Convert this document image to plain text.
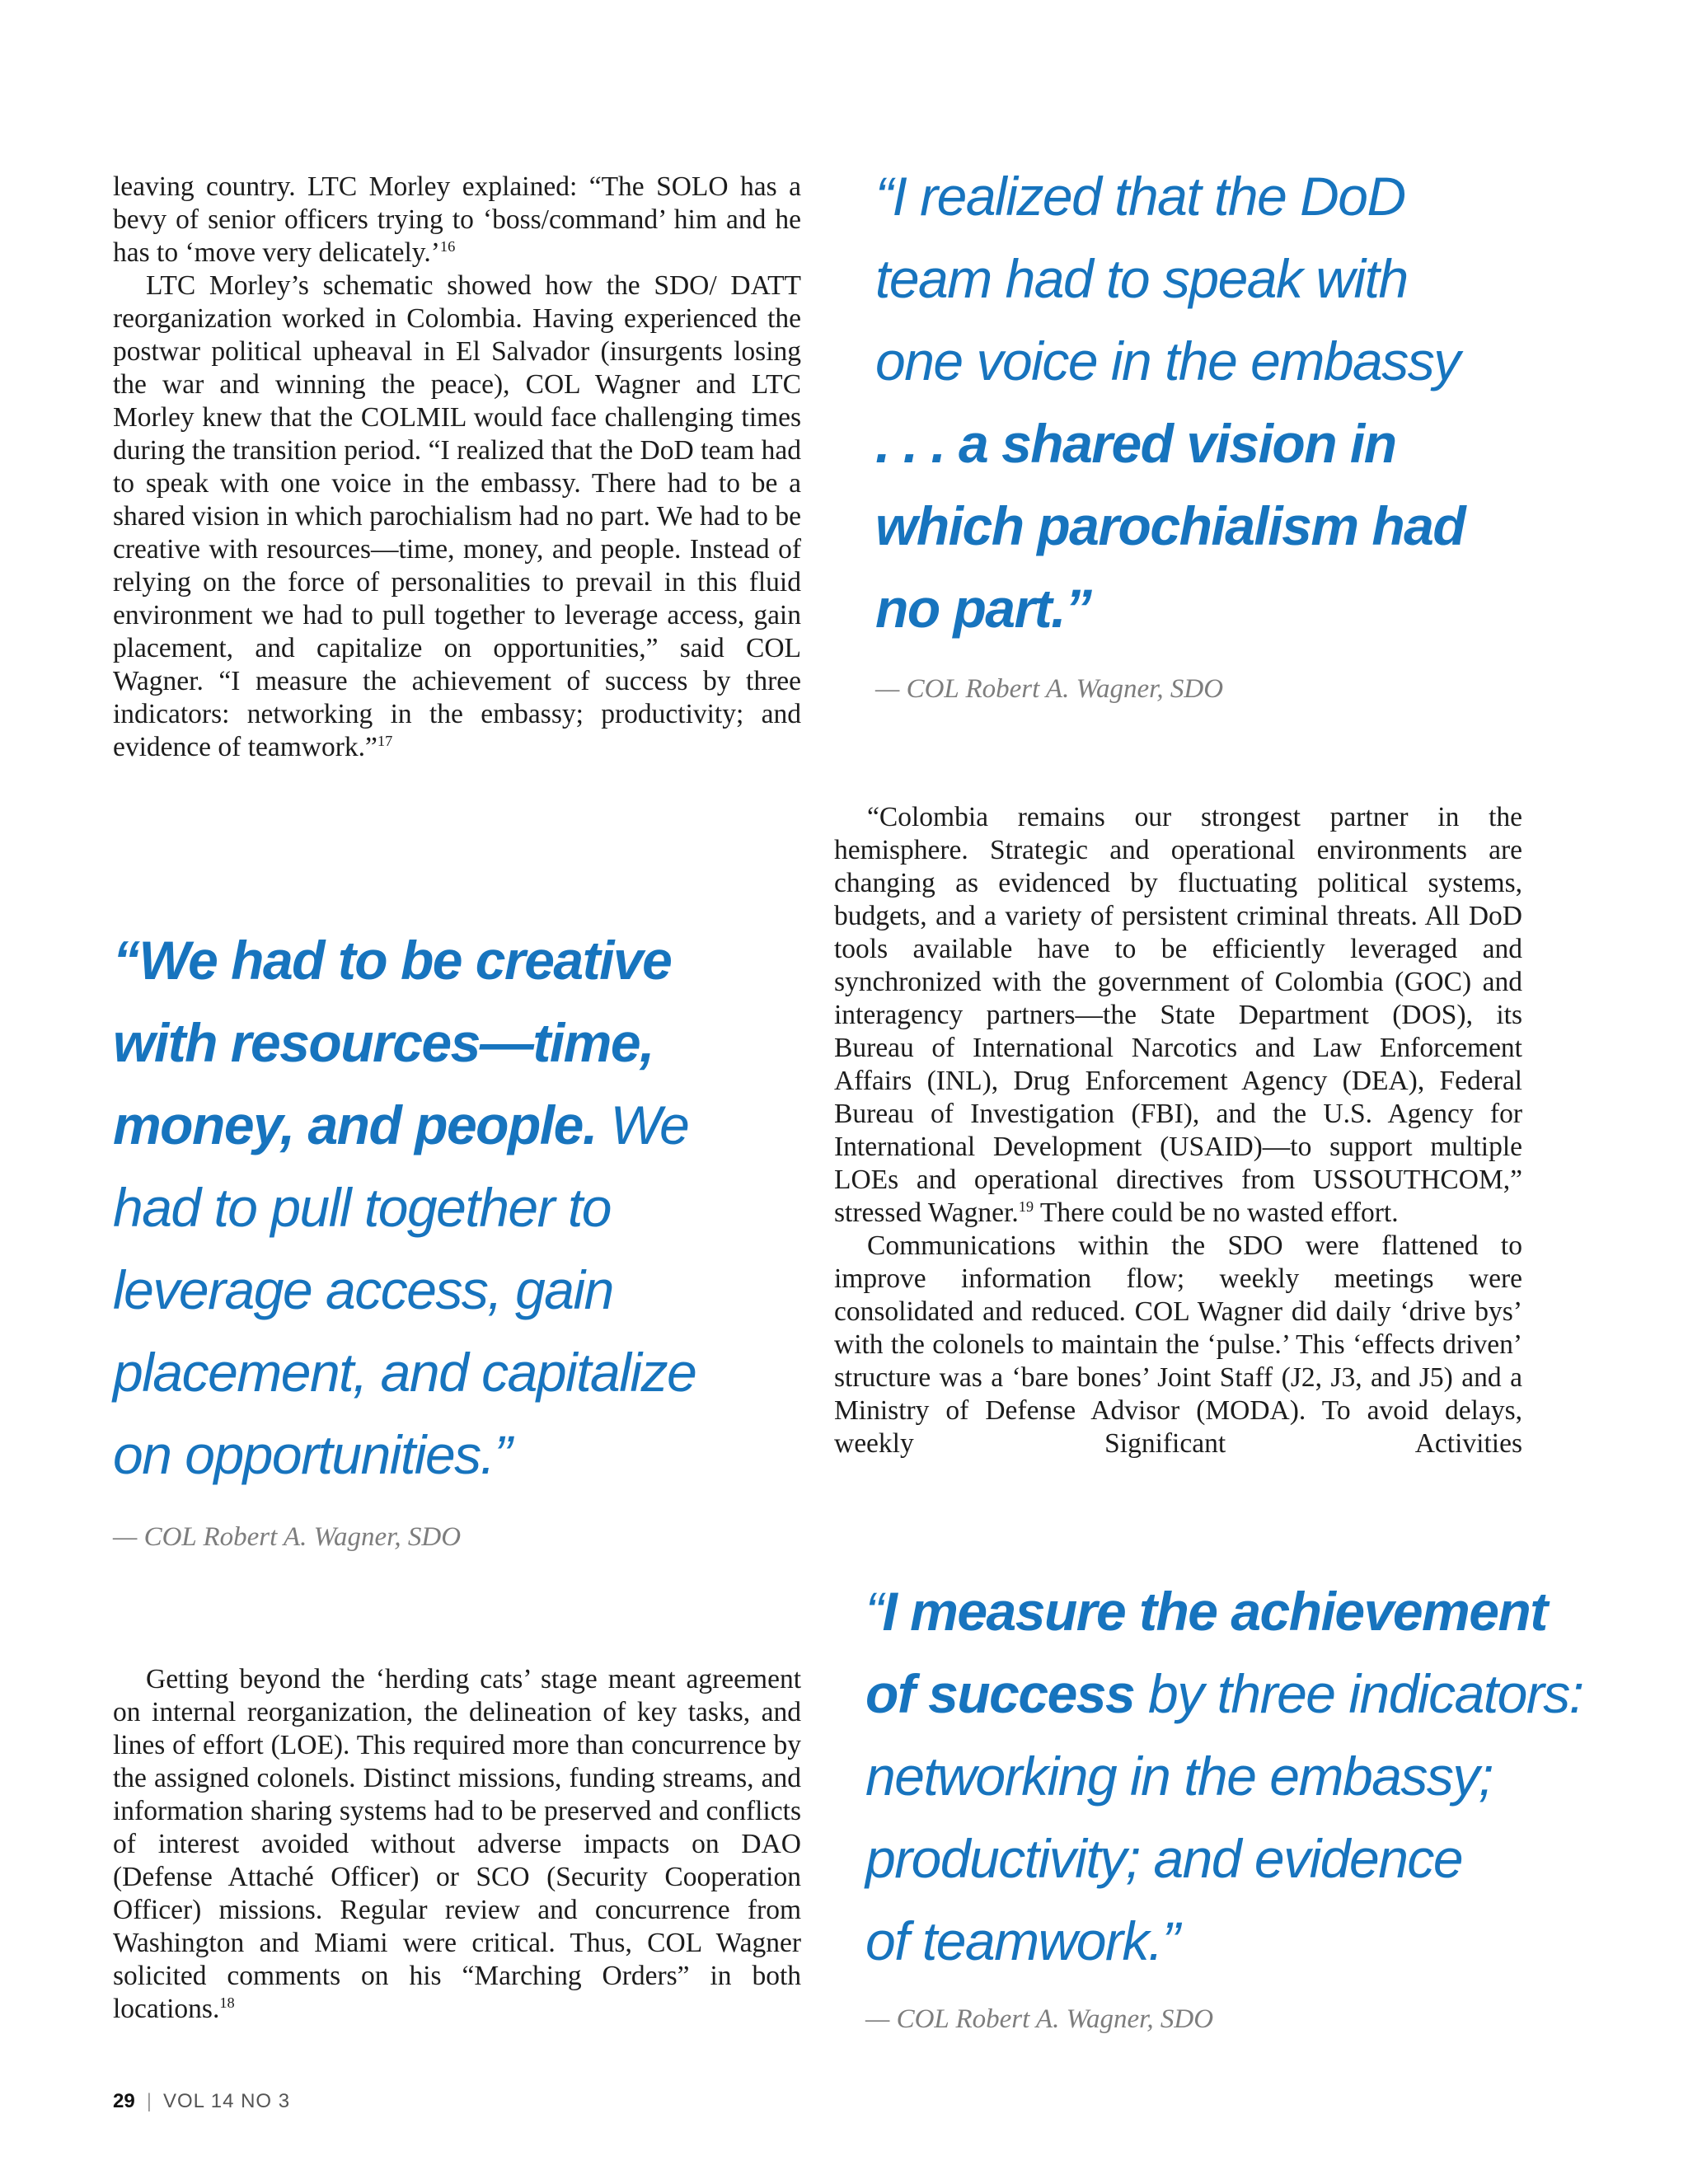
leaving country. LTC Morley explained: “The SOLO has a bevy of senior officers trying to ‘boss/command’ him and he has to ‘move very delicately.’$^{16}$

LTC Morley’s schematic showed how the SDO/ DATT reorganization worked in Colombia. Having experienced the postwar political upheaval in El Salvador (insurgents losing the war and winning the peace), COL Wagner and LTC Morley knew that the COLMIL would face challenging times during the transition period. “I realized that the DoD team had to speak with one voice in the embassy. There had to be a shared vision in which parochialism had no part. We had to be creative with resources—time, money, and people. Instead of relying on the force of personalities to prevail in this fluid environment we had to pull together to leverage access, gain placement, and capitalize on opportunities,” said COL Wagner. “I measure the achievement of success by three indicators: networking in the embassy; productivity; and evidence of teamwork.”$^{17}$

“I realized that the DoD
team had to speak with
one voice in the embassy
. . . a shared vision in
which parochialism had
no part.”
— COL Robert A. Wagner, SDO

“Colombia remains our strongest partner in the hemisphere. Strategic and operational environments are changing as evidenced by fluctuating political systems, budgets, and a variety of persistent criminal threats. All DoD tools available have to be efficiently leveraged and synchronized with the government of Colombia (GOC) and interagency partners—the State Department (DOS), its Bureau of International Narcotics and Law Enforcement Affairs (INL), Drug Enforcement Agency (DEA), Federal Bureau of Investigation (FBI), and the U.S. Agency for International Development (USAID)—to support multiple LOEs and operational directives from USSOUTHCOM,” stressed Wagner.$^{19}$ There could be no wasted effort.

Communications within the SDO were flattened to improve information flow; weekly meetings were consolidated and reduced. COL Wagner did daily ‘drive bys’ with the colonels to maintain the ‘pulse.’ This ‘effects driven’ structure was a ‘bare bones’ Joint Staff (J2, J3, and J5) and a Ministry of Defense Advisor (MODA). To avoid delays, weekly Significant Activities

“We had to be creative
with resources—time,
money, and people. We
had to pull together to
leverage access, gain
placement, and capitalize
on opportunities.”
— COL Robert A. Wagner, SDO

Getting beyond the ‘herding cats’ stage meant agreement on internal reorganization, the delineation of key tasks, and lines of effort (LOE). This required more than concurrence by the assigned colonels. Distinct missions, funding streams, and information sharing systems had to be preserved and conflicts of interest avoided without adverse impacts on DAO (Defense Attaché Officer) or SCO (Security Cooperation Officer) missions. Regular review and concurrence from Washington and Miami were critical. Thus, COL Wagner solicited comments on his “Marching Orders” in both locations.$^{18}$

“I measure the achievement
of success by three indicators:
networking in the embassy;
productivity; and evidence
of teamwork.”
— COL Robert A. Wagner, SDO
29 | VOL 14 NO 3
